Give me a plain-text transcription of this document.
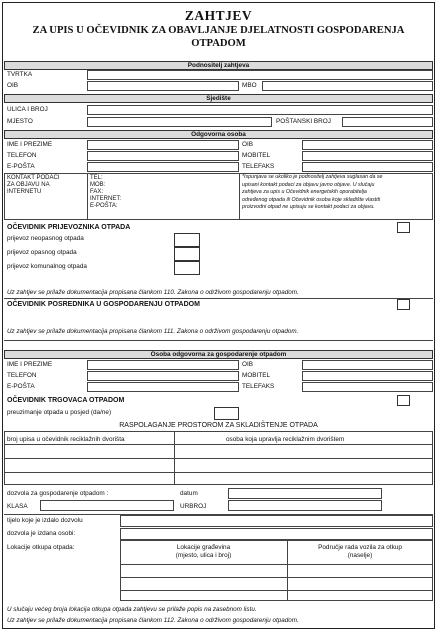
ZAHTJEV
ZA UPIS U OČEVIDNIK ZA OBAVLJANJE DJELATNOSTI GOSPODARENJA
OTPADOM
Podnositelj zahtjeva
TVRTKA
OIB	MBO
Sjedište
ULICA I BROJ
MJESTO	POŠTANSKI BROJ
Odgovorna osoba
IME I PREZIME	OIB
TELEFON	MOBITEL
E-POŠTA	TELEFAKS
KONTAKT PODACI
ZA OBJAVU NA
INTERNETU
TEL:
MOB:
FAX:
INTERNET:
E-POŠTA:
*Ispunjava se ukoliko je podnositelj zahtjeva suglasan da se
upisani kontakt podaci za objavu javno objave. U slučaju
zahtjeva za upis u Očevidnik energetskih oporabitelja
određenog otpada ili Očevidnik osoba koje skladište vlastiti
proizvodni otpad ne upisuju se kontakt podaci za objavu.
OČEVIDNIK PRIJEVOZNIKA OTPADA
prijevoz neopasnog otpada
prijevoz opasnog otpada
prijevoz komunalnog otpada
Uz zahtjev se prilaže dokumentacija propisana člankom 110. Zakona o održivom gospodarenju otpadom.
OČEVIDNIK POSREDNIKA U GOSPODARENJU OTPADOM
Uz zahtjev se prilaže dokumentacija propisana člankom 111. Zakona o održivom gospodarenju otpadom.
Osoba odgovorna za gospodarenje otpadom
IME I PREZIME	OIB
TELEFON	MOBITEL
E-POŠTA	TELEFAKS
OČEVIDNIK TRGOVACA OTPADOM
preuzimanje otpada u posjed (da/ne)
RASPOLAGANJE PROSTOROM ZA SKLADIŠTENJE OTPADA
broj upisa u očevidnik reciklažnih dvorišta	osoba koja upravlja reciklažnim dvorištem
dozvola za gospodarenje otpadom :	datum
KLASA	URBROJ
tijelo koje je izdalo dozvolu
dozvola je izdana osobi:
Lokacije otkupa otpada:	Lokacije građevina
(mjesto, ulica i broj)
Područje rada vozila za otkup
(naselje)
U slučaju većeg broja lokacija otkupa otpada zahtjevu se prilaže popis na zasebnom listu.
Uz zahtjev se prilaže dokumentacija propisana člankom 112. Zakona o održivom gospodarenju otpadom.
